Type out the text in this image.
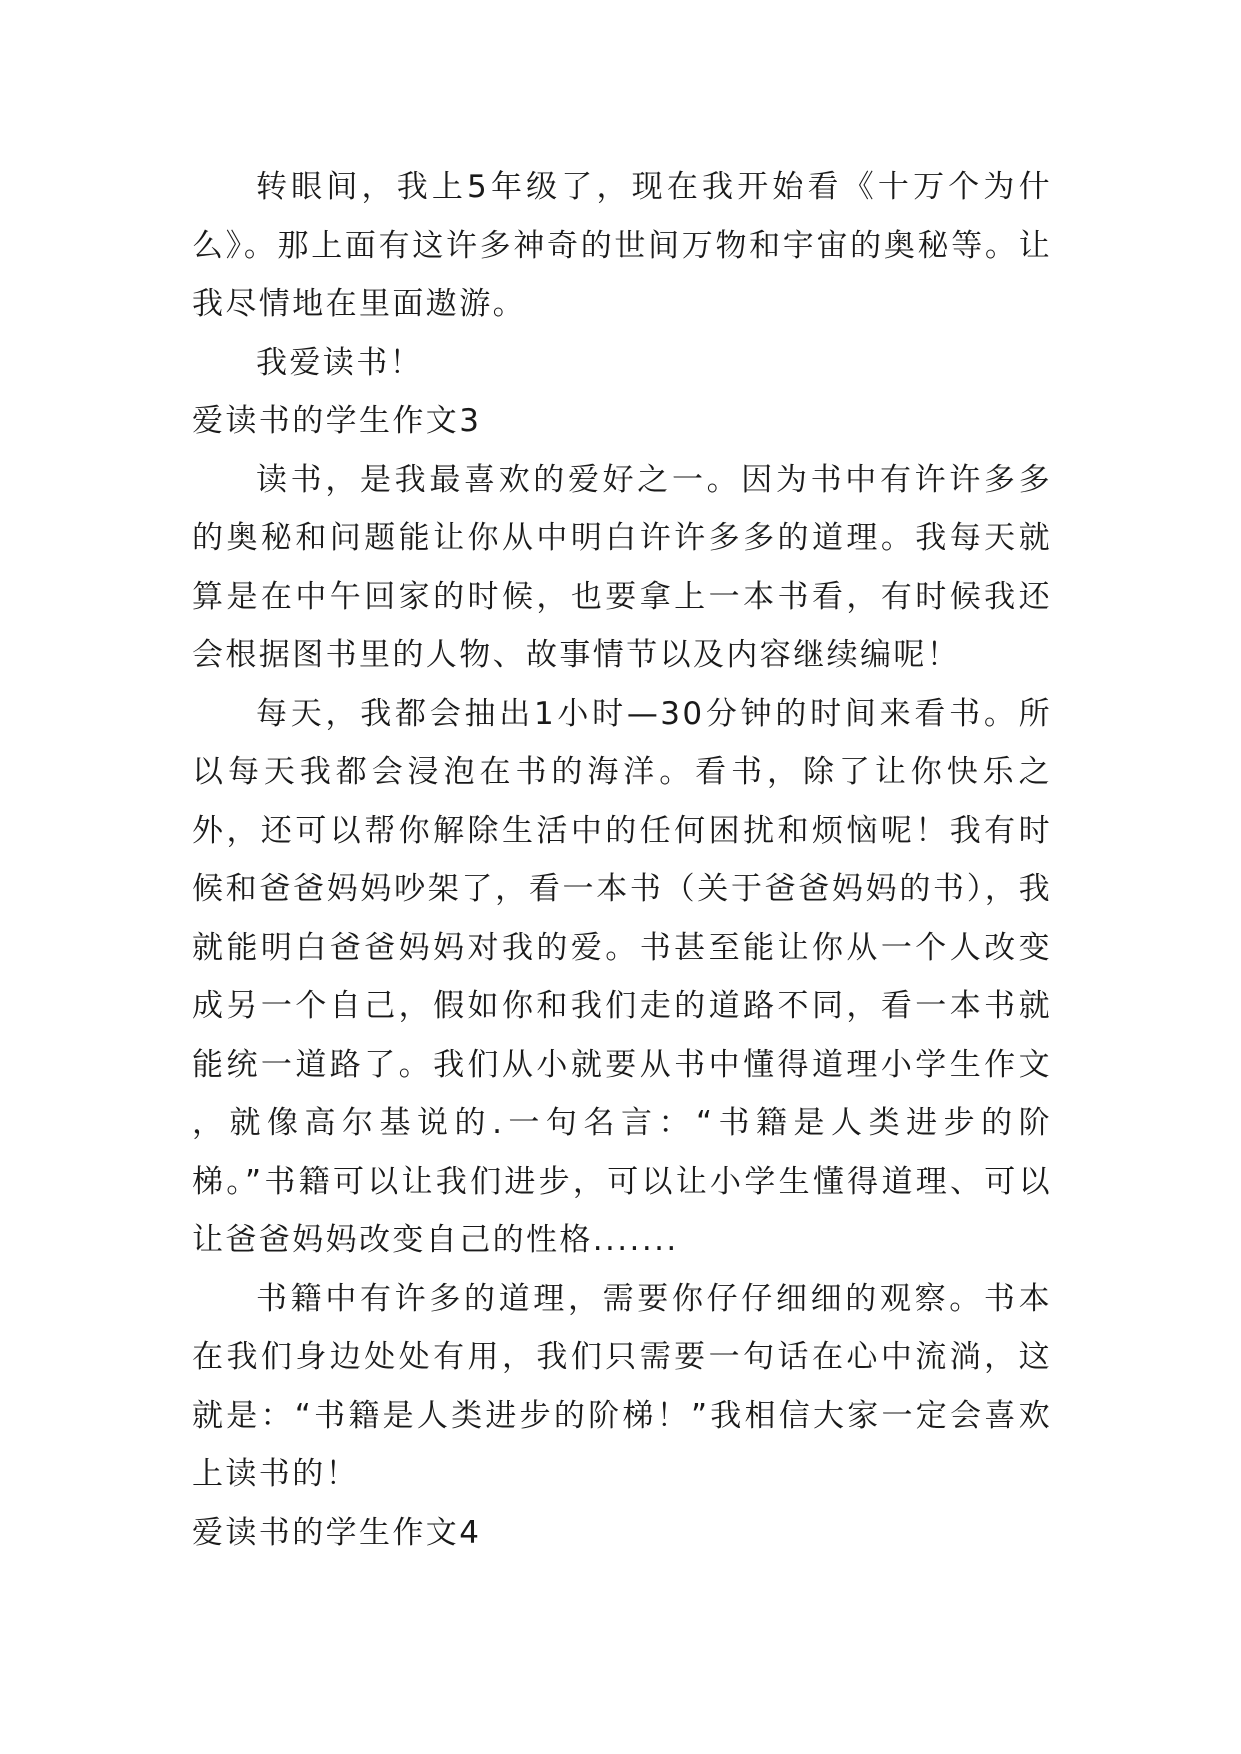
转眼间，我上5年级了，现在我开始看《十万个为什么》。那上面有这许多神奇的世间万物和宇宙的奥秘等。让我尽情地在里面遨游。

我爱读书！

爱读书的学生作文3

读书，是我最喜欢的爱好之一。因为书中有许许多多的奥秘和问题能让你从中明白许许多多的道理。我每天就算是在中午回家的时候，也要拿上一本书看，有时候我还会根据图书里的人物、故事情节以及内容继续编呢！

每天，我都会抽出1小时—30分钟的时间来看书。所以每天我都会浸泡在书的海洋。看书，除了让你快乐之外，还可以帮你解除生活中的任何困扰和烦恼呢！我有时候和爸爸妈妈吵架了，看一本书（关于爸爸妈妈的书），我就能明白爸爸妈妈对我的爱。书甚至能让你从一个人改变成另一个自己，假如你和我们走的道路不同，看一本书就能统一道路了。我们从小就要从书中懂得道理小学生作文 ，就像高尔基说的.一句名言：“书籍是人类进步的阶梯。”书籍可以让我们进步，可以让小学生懂得道理、可以让爸爸妈妈改变自己的性格.......

书籍中有许多的道理，需要你仔仔细细的观察。书本在我们身边处处有用，我们只需要一句话在心中流淌，这就是：“书籍是人类进步的阶梯！”我相信大家一定会喜欢上读书的！

爱读书的学生作文4
